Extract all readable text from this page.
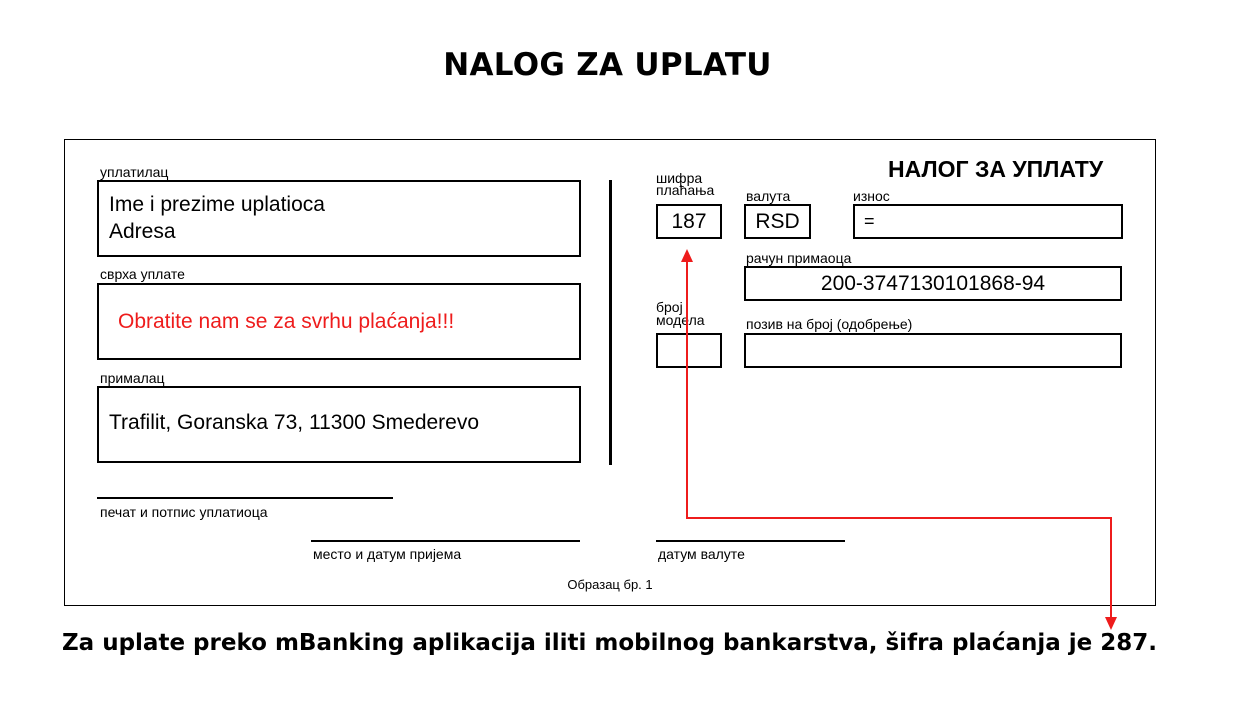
NALOG ZA UPLATU
уплатилац
Ime i prezime uplatioca
Adresa
сврха уплате
Obratite nam se za svrhu plaćanja!!!
прималац
Trafilit, Goranska 73, 11300 Smederevo
НАЛОГ ЗА УПЛАТУ
шифра
плаћања
187
валута
RSD
износ
=
рачун примаоца
200-3747130101868-94
број
модела	позив на број (одобрење)
печат и потпис уплатиоца
место и датум пријема	датум валуте
Образац бр. 1
Za uplate preko mBanking aplikacija iliti mobilnog bankarstva, šifra plaćanja je 287.
